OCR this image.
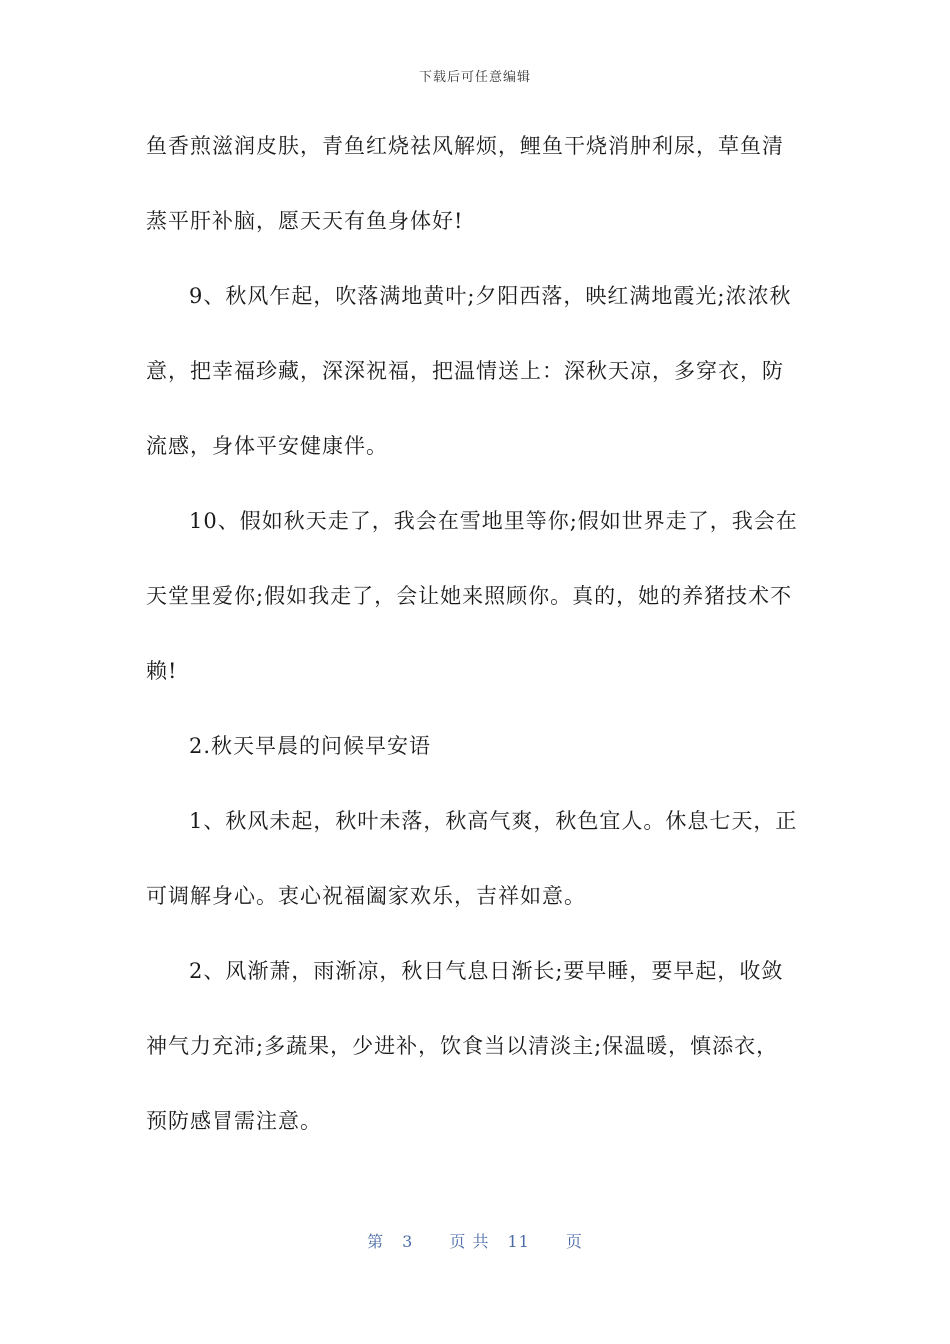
下载后可任意编辑
鱼香煎滋润皮肤，青鱼红烧祛风解烦，鲤鱼干烧消肿利尿，草鱼清
蒸平肝补脑，愿天天有鱼身体好!
9、秋风乍起，吹落满地黄叶;夕阳西落，映红满地霞光;浓浓秋
意，把幸福珍藏，深深祝福，把温情送上：深秋天凉，多穿衣，防
流感，身体平安健康伴。
10、假如秋天走了，我会在雪地里等你;假如世界走了，我会在
天堂里爱你;假如我走了，会让她来照顾你。真的，她的养猪技术不
赖!
2.秋天早晨的问候早安语
1、秋风未起，秋叶未落，秋高气爽，秋色宜人。休息七天，正
可调解身心。衷心祝福阖家欢乐，吉祥如意。
2、风渐萧，雨渐凉，秋日气息日渐长;要早睡，要早起，收敛
神气力充沛;多蔬果，少进补，饮食当以清淡主;保温暖，慎添衣，
预防感冒需注意。
第 3 页 共 11 页
